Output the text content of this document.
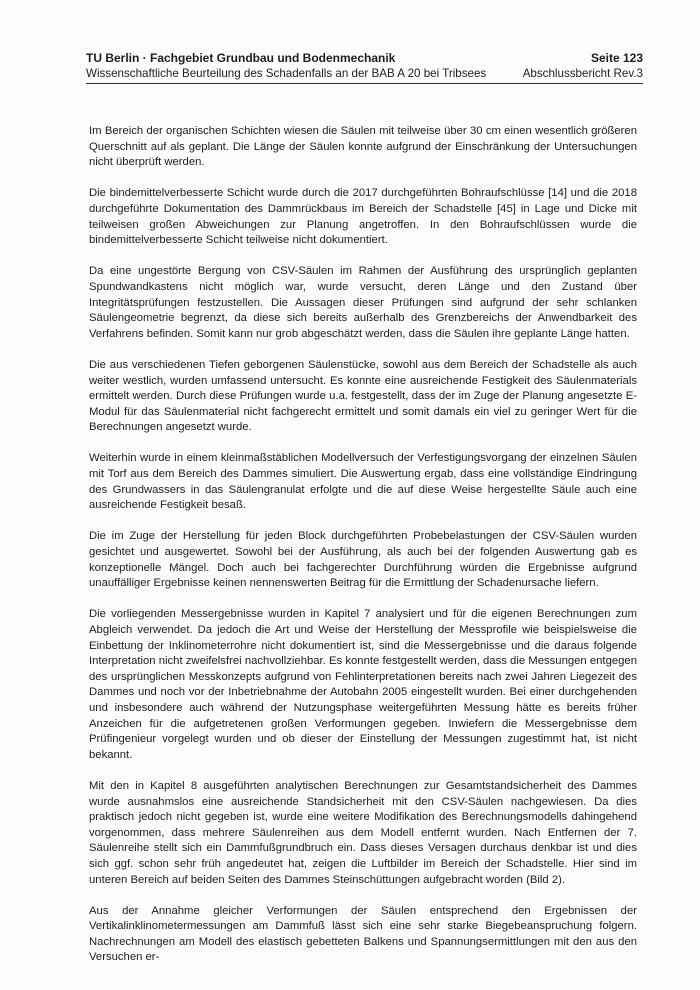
TU Berlin · Fachgebiet Grundbau und Bodenmechanik	Seite 123
Wissenschaftliche Beurteilung des Schadenfalls an der BAB A 20 bei Tribsees	Abschlussbericht Rev.3

Im Bereich der organischen Schichten wiesen die Säulen mit teilweise über 30 cm einen wesentlich größeren Querschnitt auf als geplant. Die Länge der Säulen konnte aufgrund der Einschränkung der Untersuchungen nicht überprüft werden.

Die bindemittelverbesserte Schicht wurde durch die 2017 durchgeführten Bohraufschlüsse [14] und die 2018 durchgeführte Dokumentation des Dammrückbaus im Bereich der Schadstelle [45] in Lage und Dicke mit teilweisen großen Abweichungen zur Planung angetroffen. In den Bohraufschlüssen wurde die bindemittelverbesserte Schicht teilweise nicht dokumentiert.

Da eine ungestörte Bergung von CSV-Säulen im Rahmen der Ausführung des ursprünglich geplanten Spundwandkastens nicht möglich war, wurde versucht, deren Länge und den Zustand über Integritätsprüfungen festzustellen. Die Aussagen dieser Prüfungen sind aufgrund der sehr schlanken Säulengeometrie begrenzt, da diese sich bereits außerhalb des Grenzbereichs der Anwendbarkeit des Verfahrens befinden. Somit kann nur grob abgeschätzt werden, dass die Säulen ihre geplante Länge hatten.

Die aus verschiedenen Tiefen geborgenen Säulenstücke, sowohl aus dem Bereich der Schadstelle als auch weiter westlich, wurden umfassend untersucht. Es konnte eine ausreichende Festigkeit des Säulenmaterials ermittelt werden. Durch diese Prüfungen wurde u.a. festgestellt, dass der im Zuge der Planung angesetzte E-Modul für das Säulenmaterial nicht fachgerecht ermittelt und somit damals ein viel zu geringer Wert für die Berechnungen angesetzt wurde.

Weiterhin wurde in einem kleinmaßstäblichen Modellversuch der Verfestigungsvorgang der einzelnen Säulen mit Torf aus dem Bereich des Dammes simuliert. Die Auswertung ergab, dass eine vollständige Eindringung des Grundwassers in das Säulengranulat erfolgte und die auf diese Weise hergestellte Säule auch eine ausreichende Festigkeit besaß.

Die im Zuge der Herstellung für jeden Block durchgeführten Probebelastungen der CSV-Säulen wurden gesichtet und ausgewertet. Sowohl bei der Ausführung, als auch bei der folgenden Auswertung gab es konzeptionelle Mängel. Doch auch bei fachgerechter Durchführung würden die Ergebnisse aufgrund unauffälliger Ergebnisse keinen nennenswerten Beitrag für die Ermittlung der Schadenursache liefern.

Die vorliegenden Messergebnisse wurden in Kapitel 7 analysiert und für die eigenen Berechnungen zum Abgleich verwendet. Da jedoch die Art und Weise der Herstellung der Messprofile wie beispielsweise die Einbettung der Inklinometerrohre nicht dokumentiert ist, sind die Messergebnisse und die daraus folgende Interpretation nicht zweifelsfrei nachvollziehbar. Es konnte festgestellt werden, dass die Messungen entgegen des ursprünglichen Messkonzepts aufgrund von Fehlinterpretationen bereits nach zwei Jahren Liegezeit des Dammes und noch vor der Inbetriebnahme der Autobahn 2005 eingestellt wurden. Bei einer durchgehenden und insbesondere auch während der Nutzungsphase weitergeführten Messung hätte es bereits früher Anzeichen für die aufgetretenen großen Verformungen gegeben. Inwiefern die Messergebnisse dem Prüfingenieur vorgelegt wurden und ob dieser der Einstellung der Messungen zugestimmt hat, ist nicht bekannt.

Mit den in Kapitel 8 ausgeführten analytischen Berechnungen zur Gesamtstandsicherheit des Dammes wurde ausnahmslos eine ausreichende Standsicherheit mit den CSV-Säulen nachgewiesen. Da dies praktisch jedoch nicht gegeben ist, wurde eine weitere Modifikation des Berechnungsmodells dahingehend vorgenommen, dass mehrere Säulenreihen aus dem Modell entfernt wurden. Nach Entfernen der 7. Säulenreihe stellt sich ein Dammfußgrundbruch ein. Dass dieses Versagen durchaus denkbar ist und dies sich ggf. schon sehr früh angedeutet hat, zeigen die Luftbilder im Bereich der Schadstelle. Hier sind im unteren Bereich auf beiden Seiten des Dammes Steinschüttungen aufgebracht worden (Bild 2).

Aus der Annahme gleicher Verformungen der Säulen entsprechend den Ergebnissen der Vertikalinklinometermessungen am Dammfuß lässt sich eine sehr starke Biegebeanspruchung folgern. Nachrechnungen am Modell des elastisch gebetteten Balkens und Spannungsermittlungen mit den aus den Versuchen er-
